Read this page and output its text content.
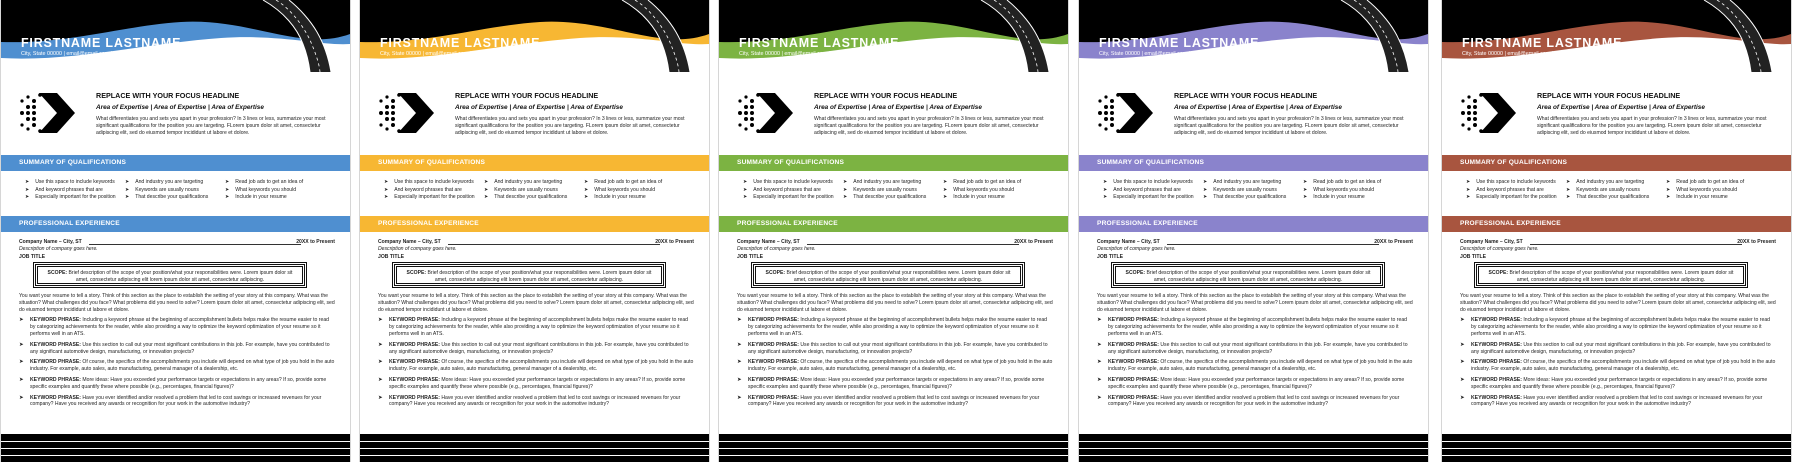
FIRSTNAME LASTNAME
City, State 00000 | email@email.com | linkedin.co/in/fake
REPLACE WITH YOUR FOCUS HEADLINE
Area of Expertise | Area of Expertise | Area of Expertise
What differentiates you and sets you apart in your profession? In 3 lines or less, summarize your most significant qualifications for the position you are targeting. FLorem ipsum dolor sit amet, consectetur adipiscing elit, sed do eiusmod tempor incididunt ut labore et dolore.
SUMMARY OF QUALIFICATIONS
➤ Use this space to include keywords
➤ And keyword phrases that are
➤ Especially important for the position
➤ And industry you are targeting
➤ Keywords are usually nouns
➤ That describe your qualifications
➤ Read job ads to get an idea of
➤ What keywords you should
➤ Include in your resume
PROFESSIONAL EXPERIENCE
Company Name – City, ST	20XX to Present
Description of company goes here.
JOB TITLE
SCOPE: Brief description of the scope of your position/what your responsibilities were. Lorem ipsum dolor sit amet, consectetur adipiscing elit lorem ipsum dolor sit amet, consectetur adipiscing.
You want your resume to tell a story. Think of this section as the place to establish the setting of your story at this company. What was the situation? What challenges did you face? What problems did you need to solve? Lorem ipsum dolor sit amet, consectetur adipiscing elit, sed do eiusmod tempor incididunt ut labore et dolore.
➤ KEYWORD PHRASE: Including a keyword phrase at the beginning of accomplishment bullets helps make the resume easier to read by categorizing achievements for the reader, while also providing a way to optimize the keyword optimization of your resume so it performs well in an ATS.
➤ KEYWORD PHRASE: Use this section to call out your most significant contributions in this job. For example, have you contributed to any significant automotive design, manufacturing, or innovation projects?
➤ KEYWORD PHRASE: Of course, the specifics of the accomplishments you include will depend on what type of job you hold in the auto industry. For example, auto sales, auto manufacturing, general manager of a dealership, etc.
➤ KEYWORD PHRASE: More ideas: Have you exceeded your performance targets or expectations in any areas? If so, provide some specific examples and quantify these where possible (e.g., percentages, financial figures)?
➤ KEYWORD PHRASE: Have you ever identified and/or resolved a problem that led to cost savings or increased revenues for your company? Have you received any awards or recognition for your work in the automotive industry?
FIRSTNAME LASTNAME
City, State 00000 | email@email.com | linkedin.co/in/fake
REPLACE WITH YOUR FOCUS HEADLINE
Area of Expertise | Area of Expertise | Area of Expertise
What differentiates you and sets you apart in your profession? In 3 lines or less, summarize your most significant qualifications for the position you are targeting. FLorem ipsum dolor sit amet, consectetur adipiscing elit, sed do eiusmod tempor incididunt ut labore et dolore.
SUMMARY OF QUALIFICATIONS
➤ Use this space to include keywords
➤ And keyword phrases that are
➤ Especially important for the position
➤ And industry you are targeting
➤ Keywords are usually nouns
➤ That describe your qualifications
➤ Read job ads to get an idea of
➤ What keywords you should
➤ Include in your resume
PROFESSIONAL EXPERIENCE
Company Name – City, ST	20XX to Present
Description of company goes here.
JOB TITLE
SCOPE: Brief description of the scope of your position/what your responsibilities were. Lorem ipsum dolor sit amet, consectetur adipiscing elit lorem ipsum dolor sit amet, consectetur adipiscing.
You want your resume to tell a story. Think of this section as the place to establish the setting of your story at this company. What was the situation? What challenges did you face? What problems did you need to solve? Lorem ipsum dolor sit amet, consectetur adipiscing elit, sed do eiusmod tempor incididunt ut labore et dolore.
➤ KEYWORD PHRASE: Including a keyword phrase at the beginning of accomplishment bullets helps make the resume easier to read by categorizing achievements for the reader, while also providing a way to optimize the keyword optimization of your resume so it performs well in an ATS.
➤ KEYWORD PHRASE: Use this section to call out your most significant contributions in this job. For example, have you contributed to any significant automotive design, manufacturing, or innovation projects?
➤ KEYWORD PHRASE: Of course, the specifics of the accomplishments you include will depend on what type of job you hold in the auto industry. For example, auto sales, auto manufacturing, general manager of a dealership, etc.
➤ KEYWORD PHRASE: More ideas: Have you exceeded your performance targets or expectations in any areas? If so, provide some specific examples and quantify these where possible (e.g., percentages, financial figures)?
➤ KEYWORD PHRASE: Have you ever identified and/or resolved a problem that led to cost savings or increased revenues for your company? Have you received any awards or recognition for your work in the automotive industry?
FIRSTNAME LASTNAME
City, State 00000 | email@email.com | linkedin.co/in/fake
REPLACE WITH YOUR FOCUS HEADLINE
Area of Expertise | Area of Expertise | Area of Expertise
What differentiates you and sets you apart in your profession? In 3 lines or less, summarize your most significant qualifications for the position you are targeting. FLorem ipsum dolor sit amet, consectetur adipiscing elit, sed do eiusmod tempor incididunt ut labore et dolore.
SUMMARY OF QUALIFICATIONS
➤ Use this space to include keywords
➤ And keyword phrases that are
➤ Especially important for the position
➤ And industry you are targeting
➤ Keywords are usually nouns
➤ That describe your qualifications
➤ Read job ads to get an idea of
➤ What keywords you should
➤ Include in your resume
PROFESSIONAL EXPERIENCE
Company Name – City, ST	20XX to Present
Description of company goes here.
JOB TITLE
SCOPE: Brief description of the scope of your position/what your responsibilities were. Lorem ipsum dolor sit amet, consectetur adipiscing elit lorem ipsum dolor sit amet, consectetur adipiscing.
You want your resume to tell a story. Think of this section as the place to establish the setting of your story at this company. What was the situation? What challenges did you face? What problems did you need to solve? Lorem ipsum dolor sit amet, consectetur adipiscing elit, sed do eiusmod tempor incididunt ut labore et dolore.
➤ KEYWORD PHRASE: Including a keyword phrase at the beginning of accomplishment bullets helps make the resume easier to read by categorizing achievements for the reader, while also providing a way to optimize the keyword optimization of your resume so it performs well in an ATS.
➤ KEYWORD PHRASE: Use this section to call out your most significant contributions in this job. For example, have you contributed to any significant automotive design, manufacturing, or innovation projects?
➤ KEYWORD PHRASE: Of course, the specifics of the accomplishments you include will depend on what type of job you hold in the auto industry. For example, auto sales, auto manufacturing, general manager of a dealership, etc.
➤ KEYWORD PHRASE: More ideas: Have you exceeded your performance targets or expectations in any areas? If so, provide some specific examples and quantify these where possible (e.g., percentages, financial figures)?
➤ KEYWORD PHRASE: Have you ever identified and/or resolved a problem that led to cost savings or increased revenues for your company? Have you received any awards or recognition for your work in the automotive industry?
FIRSTNAME LASTNAME
City, State 00000 | email@email.com | linkedin.co/in/fake
REPLACE WITH YOUR FOCUS HEADLINE
Area of Expertise | Area of Expertise | Area of Expertise
What differentiates you and sets you apart in your profession? In 3 lines or less, summarize your most significant qualifications for the position you are targeting. FLorem ipsum dolor sit amet, consectetur adipiscing elit, sed do eiusmod tempor incididunt ut labore et dolore.
SUMMARY OF QUALIFICATIONS
➤ Use this space to include keywords
➤ And keyword phrases that are
➤ Especially important for the position
➤ And industry you are targeting
➤ Keywords are usually nouns
➤ That describe your qualifications
➤ Read job ads to get an idea of
➤ What keywords you should
➤ Include in your resume
PROFESSIONAL EXPERIENCE
Company Name – City, ST	20XX to Present
Description of company goes here.
JOB TITLE
SCOPE: Brief description of the scope of your position/what your responsibilities were. Lorem ipsum dolor sit amet, consectetur adipiscing elit lorem ipsum dolor sit amet, consectetur adipiscing.
You want your resume to tell a story. Think of this section as the place to establish the setting of your story at this company. What was the situation? What challenges did you face? What problems did you need to solve? Lorem ipsum dolor sit amet, consectetur adipiscing elit, sed do eiusmod tempor incididunt ut labore et dolore.
➤ KEYWORD PHRASE: Including a keyword phrase at the beginning of accomplishment bullets helps make the resume easier to read by categorizing achievements for the reader, while also providing a way to optimize the keyword optimization of your resume so it performs well in an ATS.
➤ KEYWORD PHRASE: Use this section to call out your most significant contributions in this job. For example, have you contributed to any significant automotive design, manufacturing, or innovation projects?
➤ KEYWORD PHRASE: Of course, the specifics of the accomplishments you include will depend on what type of job you hold in the auto industry. For example, auto sales, auto manufacturing, general manager of a dealership, etc.
➤ KEYWORD PHRASE: More ideas: Have you exceeded your performance targets or expectations in any areas? If so, provide some specific examples and quantify these where possible (e.g., percentages, financial figures)?
➤ KEYWORD PHRASE: Have you ever identified and/or resolved a problem that led to cost savings or increased revenues for your company? Have you received any awards or recognition for your work in the automotive industry?
FIRSTNAME LASTNAME
City, State 00000 | email@email.com | linkedin.co/in/fake
REPLACE WITH YOUR FOCUS HEADLINE
Area of Expertise | Area of Expertise | Area of Expertise
What differentiates you and sets you apart in your profession? In 3 lines or less, summarize your most significant qualifications for the position you are targeting. FLorem ipsum dolor sit amet, consectetur adipiscing elit, sed do eiusmod tempor incididunt ut labore et dolore.
SUMMARY OF QUALIFICATIONS
➤ Use this space to include keywords
➤ And keyword phrases that are
➤ Especially important for the position
➤ And industry you are targeting
➤ Keywords are usually nouns
➤ That describe your qualifications
➤ Read job ads to get an idea of
➤ What keywords you should
➤ Include in your resume
PROFESSIONAL EXPERIENCE
Company Name – City, ST	20XX to Present
Description of company goes here.
JOB TITLE
SCOPE: Brief description of the scope of your position/what your responsibilities were. Lorem ipsum dolor sit amet, consectetur adipiscing elit lorem ipsum dolor sit amet, consectetur adipiscing.
You want your resume to tell a story. Think of this section as the place to establish the setting of your story at this company. What was the situation? What challenges did you face? What problems did you need to solve? Lorem ipsum dolor sit amet, consectetur adipiscing elit, sed do eiusmod tempor incididunt ut labore et dolore.
➤ KEYWORD PHRASE: Including a keyword phrase at the beginning of accomplishment bullets helps make the resume easier to read by categorizing achievements for the reader, while also providing a way to optimize the keyword optimization of your resume so it performs well in an ATS.
➤ KEYWORD PHRASE: Use this section to call out your most significant contributions in this job. For example, have you contributed to any significant automotive design, manufacturing, or innovation projects?
➤ KEYWORD PHRASE: Of course, the specifics of the accomplishments you include will depend on what type of job you hold in the auto industry. For example, auto sales, auto manufacturing, general manager of a dealership, etc.
➤ KEYWORD PHRASE: More ideas: Have you exceeded your performance targets or expectations in any areas? If so, provide some specific examples and quantify these where possible (e.g., percentages, financial figures)?
➤ KEYWORD PHRASE: Have you ever identified and/or resolved a problem that led to cost savings or increased revenues for your company? Have you received any awards or recognition for your work in the automotive industry?
